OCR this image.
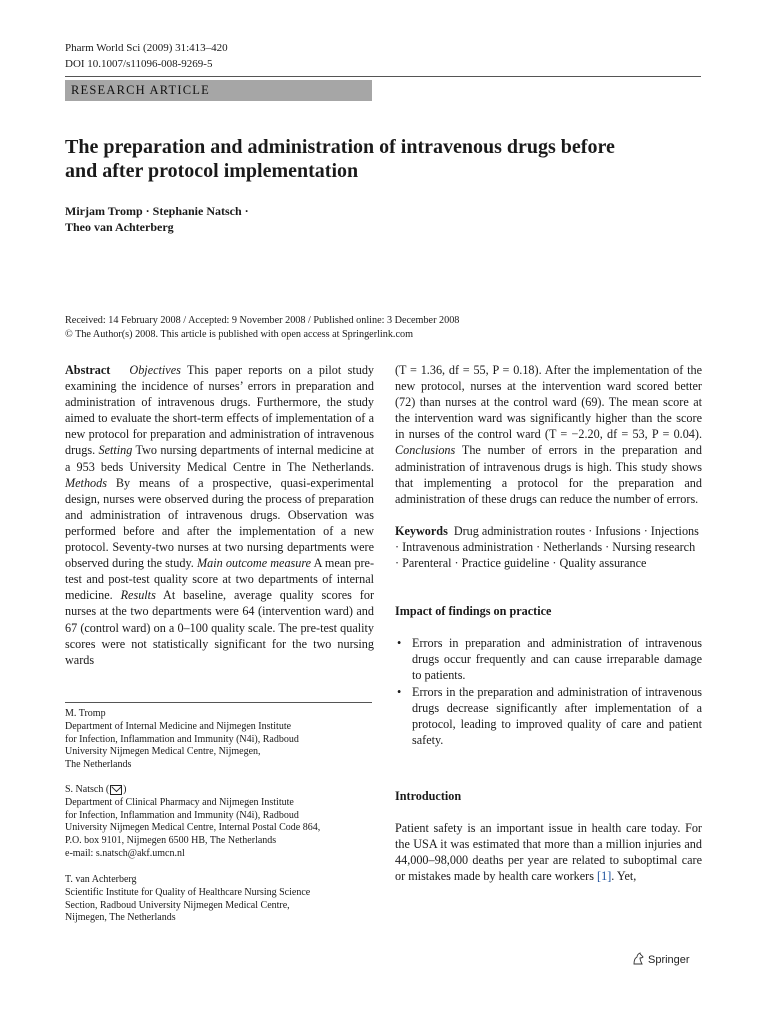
Pharm World Sci (2009) 31:413–420
DOI 10.1007/s11096-008-9269-5
RESEARCH ARTICLE
The preparation and administration of intravenous drugs before
and after protocol implementation
Mirjam Tromp · Stephanie Natsch ·
Theo van Achterberg
Received: 14 February 2008 / Accepted: 9 November 2008 / Published online: 3 December 2008
© The Author(s) 2008. This article is published with open access at Springerlink.com
Abstract Objectives This paper reports on a pilot study examining the incidence of nurses’ errors in preparation and administration of intravenous drugs. Furthermore, the study aimed to evaluate the short-term effects of implementation of a new protocol for preparation and administration of intravenous drugs. Setting Two nursing departments of internal medicine at a 953 beds University Medical Centre in The Netherlands. Methods By means of a prospective, quasi-experimental design, nurses were observed during the process of preparation and administration of intravenous drugs. Observation was performed before and after the implementation of a new protocol. Seventy-two nurses at two nursing departments were observed during the study. Main outcome measure A mean pre-test and post-test quality score at two departments of internal medicine. Results At baseline, average quality scores for nurses at the two departments were 64 (intervention ward) and 67 (control ward) on a 0–100 quality scale. The pre-test quality scores were not statistically significant for the two nursing wards
M. Tromp
Department of Internal Medicine and Nijmegen Institute
for Infection, Inflammation and Immunity (N4i), Radboud
University Nijmegen Medical Centre, Nijmegen,
The Netherlands
S. Natsch ( )
Department of Clinical Pharmacy and Nijmegen Institute
for Infection, Inflammation and Immunity (N4i), Radboud
University Nijmegen Medical Centre, Internal Postal Code 864,
P.O. box 9101, Nijmegen 6500 HB, The Netherlands
e-mail: s.natsch@akf.umcn.nl
T. van Achterberg
Scientific Institute for Quality of Healthcare Nursing Science
Section, Radboud University Nijmegen Medical Centre,
Nijmegen, The Netherlands
(T = 1.36, df = 55, P = 0.18). After the implementation of the new protocol, nurses at the intervention ward scored better (72) than nurses at the control ward (69). The mean score at the intervention ward was significantly higher than the score in nurses of the control ward (T = −2.20, df = 53, P = 0.04). Conclusions The number of errors in the preparation and administration of intravenous drugs is high. This study shows that implementing a protocol for the preparation and administration of these drugs can reduce the number of errors.
Keywords Drug administration routes · Infusions · Injections · Intravenous administration · Netherlands · Nursing research · Parenteral · Practice guideline · Quality assurance
Impact of findings on practice
• Errors in preparation and administration of intravenous drugs occur frequently and can cause irreparable damage to patients.
• Errors in the preparation and administration of intravenous drugs decrease significantly after implementation of a protocol, leading to improved quality of care and patient safety.
Introduction
Patient safety is an important issue in health care today. For the USA it was estimated that more than a million injuries and 44,000–98,000 deaths per year are related to suboptimal care or mistakes made by health care workers [1]. Yet,
Springer
